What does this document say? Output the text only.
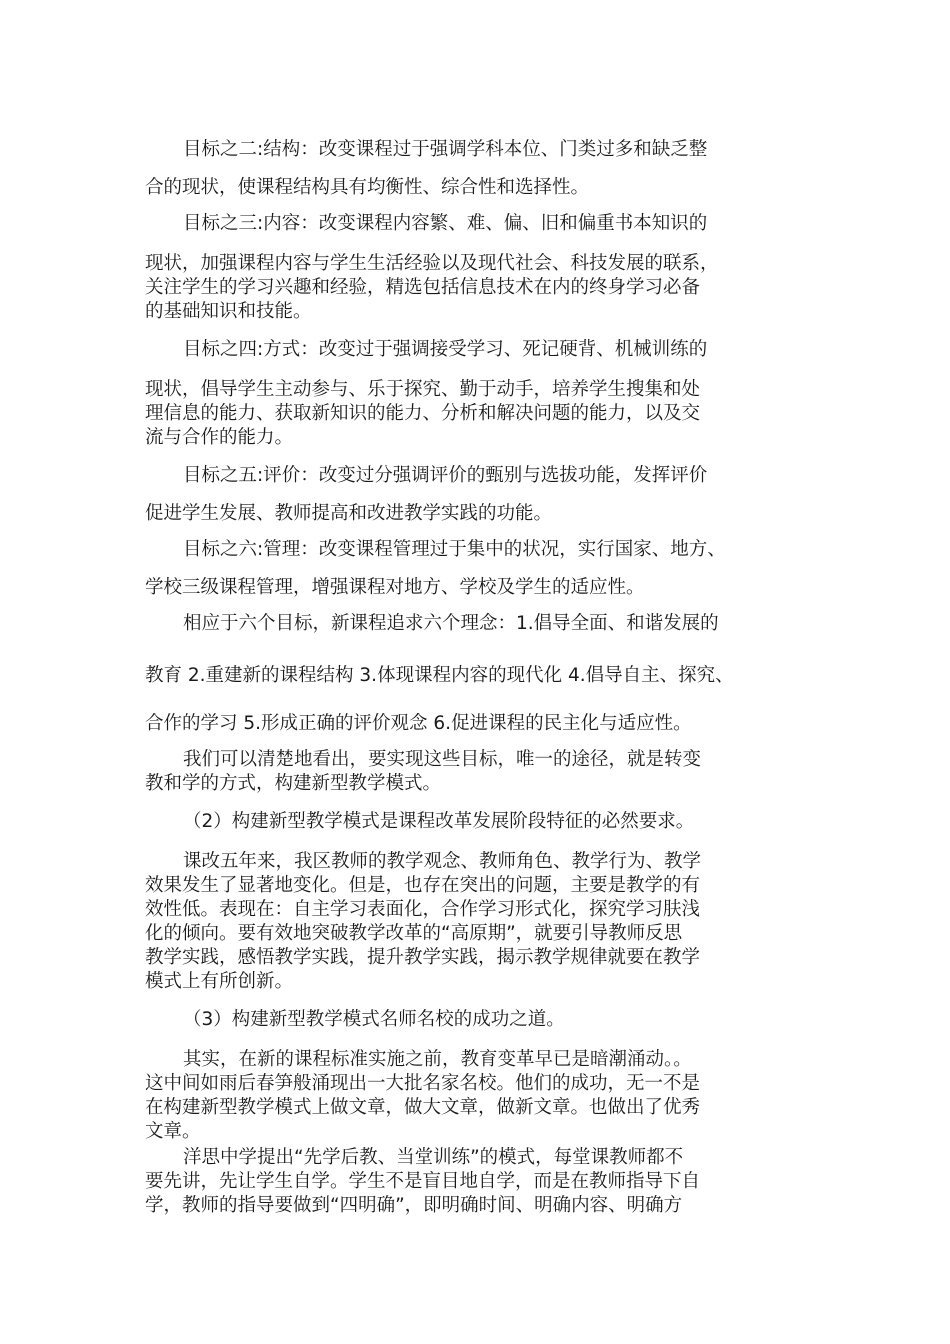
目标之二:结构：改变课程过于强调学科本位、门类过多和缺乏整
合的现状，使课程结构具有均衡性、综合性和选择性。
目标之三:内容：改变课程内容繁、难、偏、旧和偏重书本知识的
现状，加强课程内容与学生生活经验以及现代社会、科技发展的联系，
关注学生的学习兴趣和经验，精选包括信息技术在内的终身学习必备
的基础知识和技能。
目标之四:方式：改变过于强调接受学习、死记硬背、机械训练的
现状，倡导学生主动参与、乐于探究、勤于动手，培养学生搜集和处
理信息的能力、获取新知识的能力、分析和解决问题的能力，以及交
流与合作的能力。
目标之五:评价：改变过分强调评价的甄别与选拔功能，发挥评价
促进学生发展、教师提高和改进教学实践的功能。
目标之六:管理：改变课程管理过于集中的状况，实行国家、地方、
学校三级课程管理，增强课程对地方、学校及学生的适应性。
相应于六个目标，新课程追求六个理念：1.倡导全面、和谐发展的
教育 2.重建新的课程结构 3.体现课程内容的现代化 4.倡导自主、探究、
合作的学习 5.形成正确的评价观念 6.促进课程的民主化与适应性。
我们可以清楚地看出，要实现这些目标，唯一的途径，就是转变
教和学的方式，构建新型教学模式。
（2）构建新型教学模式是课程改革发展阶段特征的必然要求。
课改五年来，我区教师的教学观念、教师角色、教学行为、教学
效果发生了显著地变化。但是，也存在突出的问题，主要是教学的有
效性低。表现在：自主学习表面化，合作学习形式化，探究学习肤浅
化的倾向。要有效地突破教学改革的“高原期”，就要引导教师反思
教学实践，感悟教学实践，提升教学实践，揭示教学规律就要在教学
模式上有所创新。
（3）构建新型教学模式名师名校的成功之道。
其实，在新的课程标准实施之前，教育变革早已是暗潮涌动。。
这中间如雨后春笋般涌现出一大批名家名校。他们的成功，无一不是
在构建新型教学模式上做文章，做大文章，做新文章。也做出了优秀
文章。
洋思中学提出“先学后教、当堂训练”的模式，每堂课教师都不
要先讲，先让学生自学。学生不是盲目地自学，而是在教师指导下自
学，教师的指导要做到“四明确”，即明确时间、明确内容、明确方
